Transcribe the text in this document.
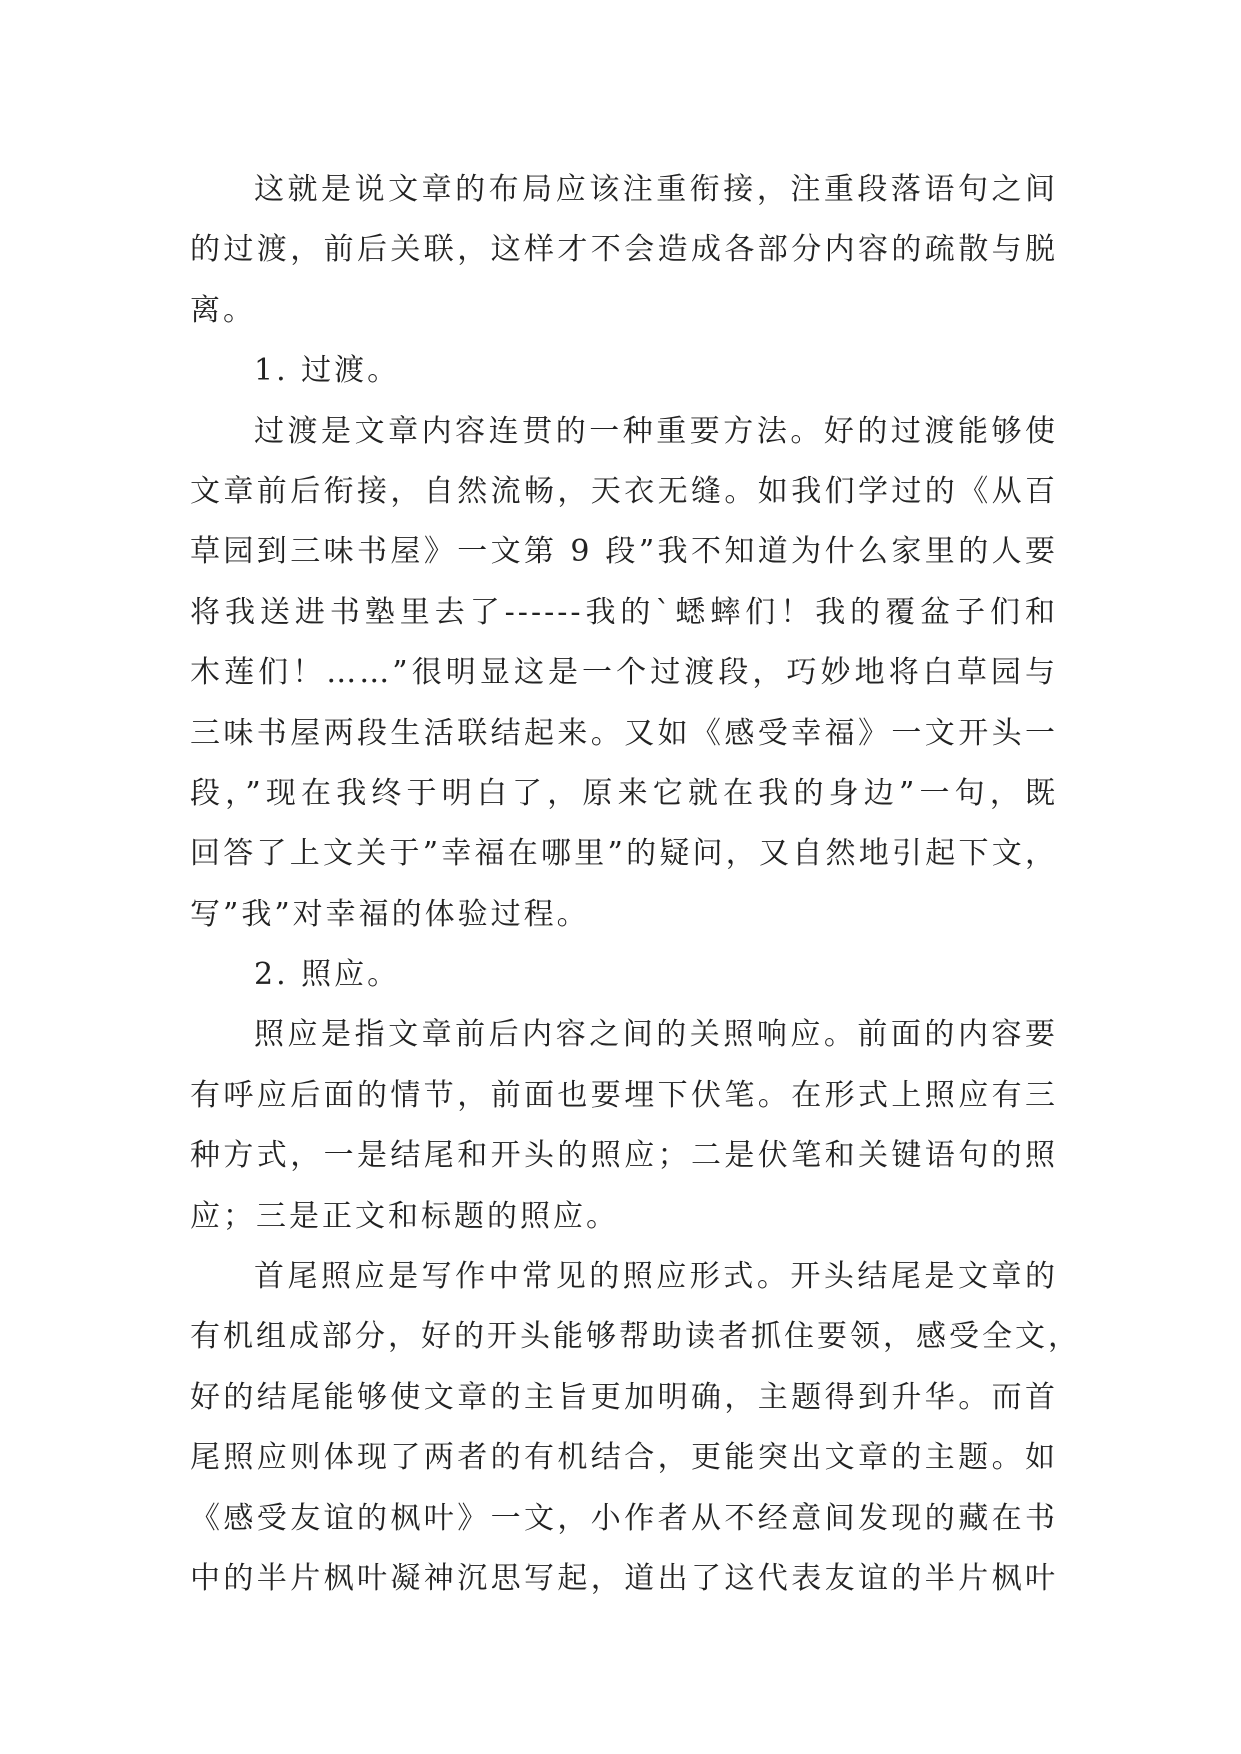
这就是说文章的布局应该注重衔接，注重段落语句之间
的过渡，前后关联，这样才不会造成各部分内容的疏散与脱
离。
1. 过渡。
过渡是文章内容连贯的一种重要方法。好的过渡能够使
文章前后衔接，自然流畅，天衣无缝。如我们学过的《从百
草园到三味书屋》一文第 9 段”我不知道为什么家里的人要
将我送进书塾里去了------我的`蟋蟀们！我的覆盆子们和
木莲们！……”很明显这是一个过渡段，巧妙地将白草园与
三味书屋两段生活联结起来。又如《感受幸福》一文开头一
段，”现在我终于明白了，原来它就在我的身边”一句，既
回答了上文关于”幸福在哪里”的疑问，又自然地引起下文，
写”我”对幸福的体验过程。
2. 照应。
照应是指文章前后内容之间的关照响应。前面的内容要
有呼应后面的情节，前面也要埋下伏笔。在形式上照应有三
种方式，一是结尾和开头的照应；二是伏笔和关键语句的照
应；三是正文和标题的照应。
首尾照应是写作中常见的照应形式。开头结尾是文章的
有机组成部分，好的开头能够帮助读者抓住要领，感受全文，
好的结尾能够使文章的主旨更加明确，主题得到升华。而首
尾照应则体现了两者的有机结合，更能突出文章的主题。如
《感受友谊的枫叶》一文，小作者从不经意间发现的藏在书
中的半片枫叶凝神沉思写起，道出了这代表友谊的半片枫叶
